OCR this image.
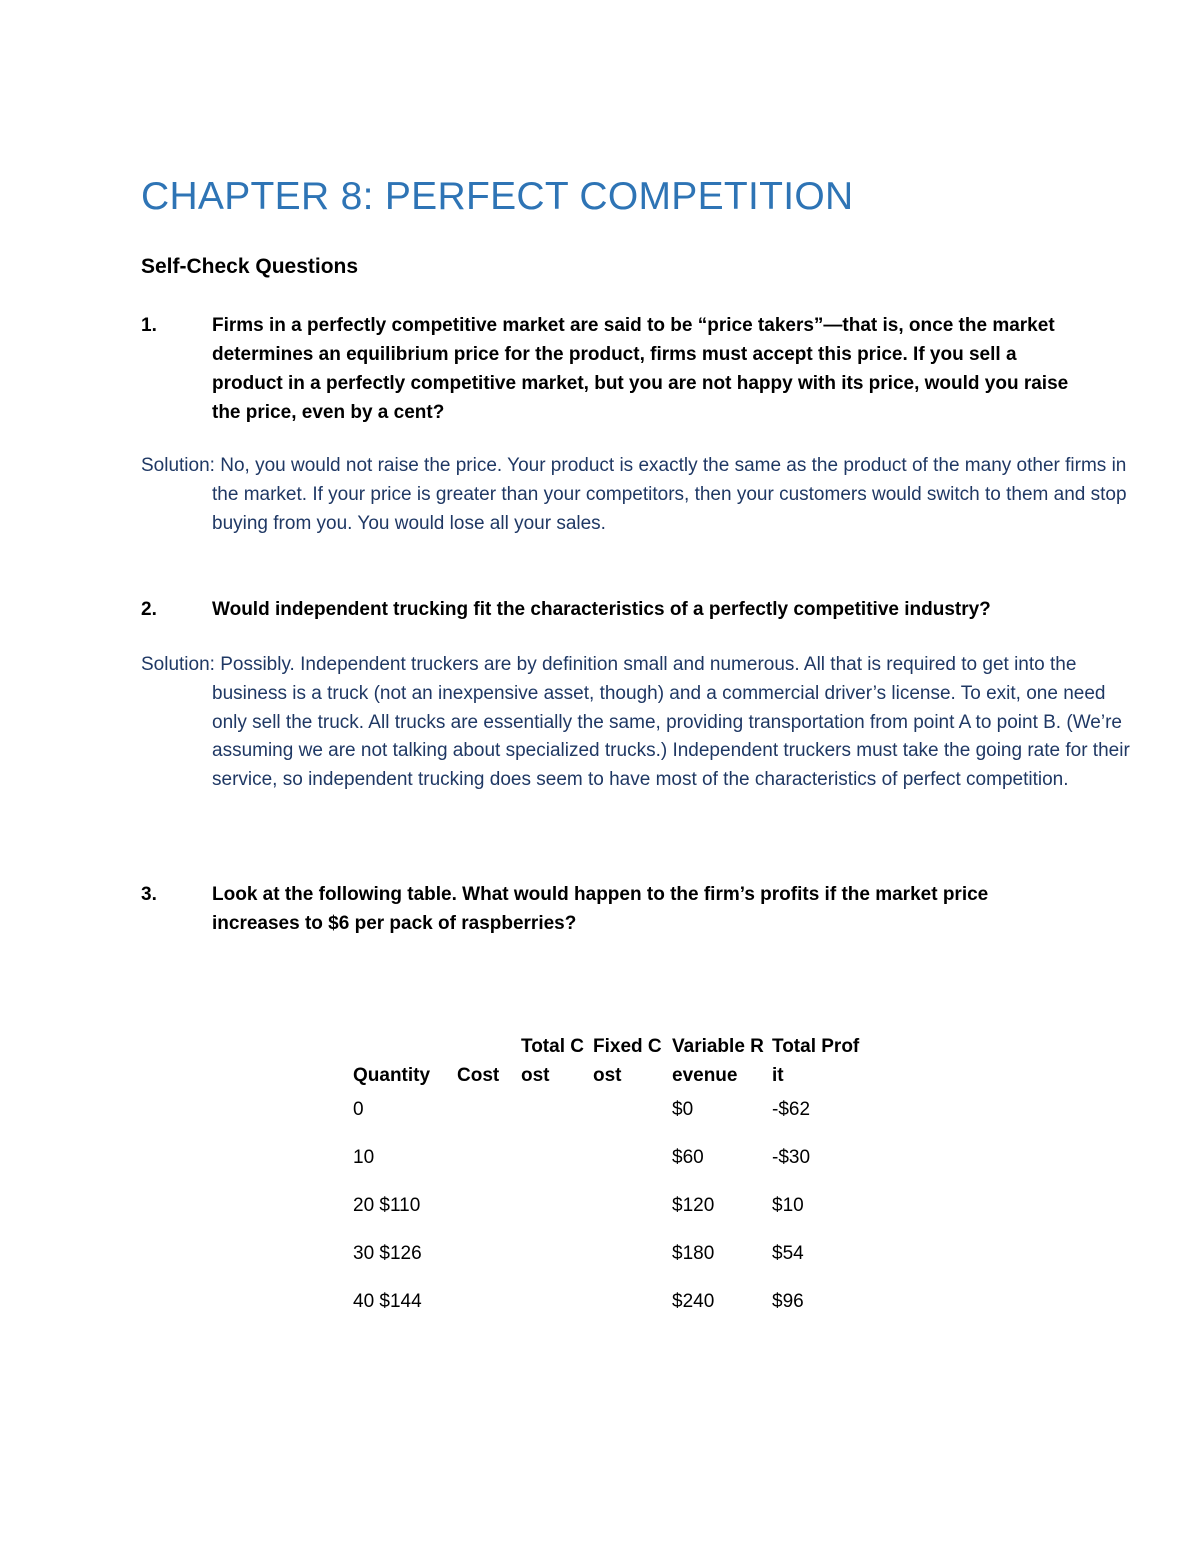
CHAPTER 8: PERFECT COMPETITION
Self-Check Questions
1.	Firms in a perfectly competitive market are said to be “price takers”—that is, once the market determines an equilibrium price for the product, firms must accept this price. If you sell a product in a perfectly competitive market, but you are not happy with its price, would you raise the price, even by a cent?

Solution: No, you would not raise the price. Your product is exactly the same as the product of the many other firms in the market. If your price is greater than your competitors, then your customers would switch to them and stop buying from you. You would lose all your sales.

2.	Would independent trucking fit the characteristics of a perfectly competitive industry?

Solution: Possibly. Independent truckers are by definition small and numerous. All that is required to get into the business is a truck (not an inexpensive asset, though) and a commercial driver’s license. To exit, one need only sell the truck. All trucks are essentially the same, providing transportation from point A to point B. (We’re assuming we are not talking about specialized trucks.) Independent truckers must take the going rate for their service, so independent trucking does seem to have most of the characteristics of perfect competition.

3.	Look at the following table. What would happen to the firm’s profits if the market price increases to $6 per pack of raspberries?

Quantity	Cost	Total Cost	Fixed Cost	Variable Revenue	Total Profit
0				$0	-$62
10				$60	-$30
20 $110				$120	$10
30 $126				$180	$54
40 $144				$240	$96
